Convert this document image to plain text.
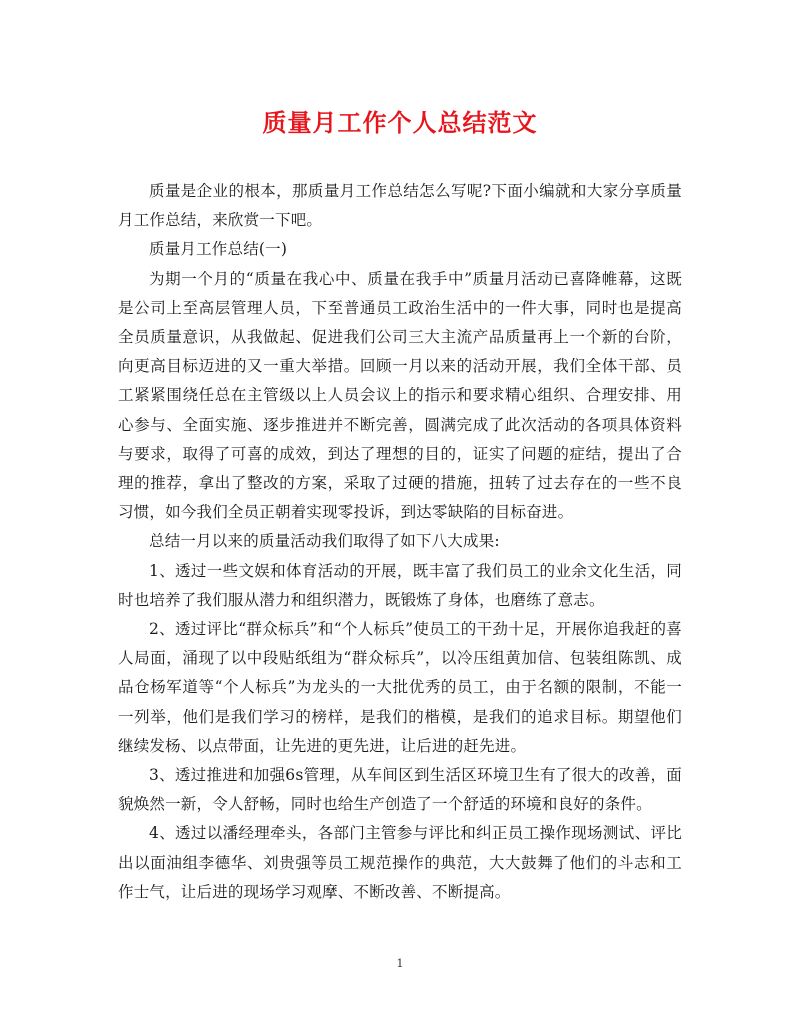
质量月工作个人总结范文

质量是企业的根本，那质量月工作总结怎么写呢?下面小编就和大家分享质量月工作总结，来欣赏一下吧。

质量月工作总结(一)

为期一个月的“质量在我心中、质量在我手中”质量月活动已喜降帷幕，这既是公司上至高层管理人员，下至普通员工政治生活中的一件大事，同时也是提高全员质量意识，从我做起、促进我们公司三大主流产品质量再上一个新的台阶，向更高目标迈进的又一重大举措。回顾一月以来的活动开展，我们全体干部、员工紧紧围绕任总在主管级以上人员会议上的指示和要求精心组织、合理安排、用心参与、全面实施、逐步推进并不断完善，圆满完成了此次活动的各项具体资料与要求，取得了可喜的成效，到达了理想的目的，证实了问题的症结，提出了合理的推荐，拿出了整改的方案，采取了过硬的措施，扭转了过去存在的一些不良习惯，如今我们全员正朝着实现零投诉，到达零缺陷的目标奋进。

总结一月以来的质量活动我们取得了如下八大成果:

1、透过一些文娱和体育活动的开展，既丰富了我们员工的业余文化生活，同时也培养了我们服从潜力和组织潜力，既锻炼了身体，也磨练了意志。

2、透过评比“群众标兵”和“个人标兵”使员工的干劲十足，开展你追我赶的喜人局面，涌现了以中段贴纸组为“群众标兵”，以冷压组黄加信、包装组陈凯、成品仓杨军道等“个人标兵”为龙头的一大批优秀的员工，由于名额的限制，不能一一列举，他们是我们学习的榜样，是我们的楷模，是我们的追求目标。期望他们继续发杨、以点带面，让先进的更先进，让后进的赶先进。

3、透过推进和加强6s管理，从车间区到生活区环境卫生有了很大的改善，面貌焕然一新，令人舒畅，同时也给生产创造了一个舒适的环境和良好的条件。

4、透过以潘经理牵头，各部门主管参与评比和纠正员工操作现场测试、评比出以面油组李德华、刘贵强等员工规范操作的典范，大大鼓舞了他们的斗志和工作士气，让后进的现场学习观摩、不断改善、不断提高。

1
